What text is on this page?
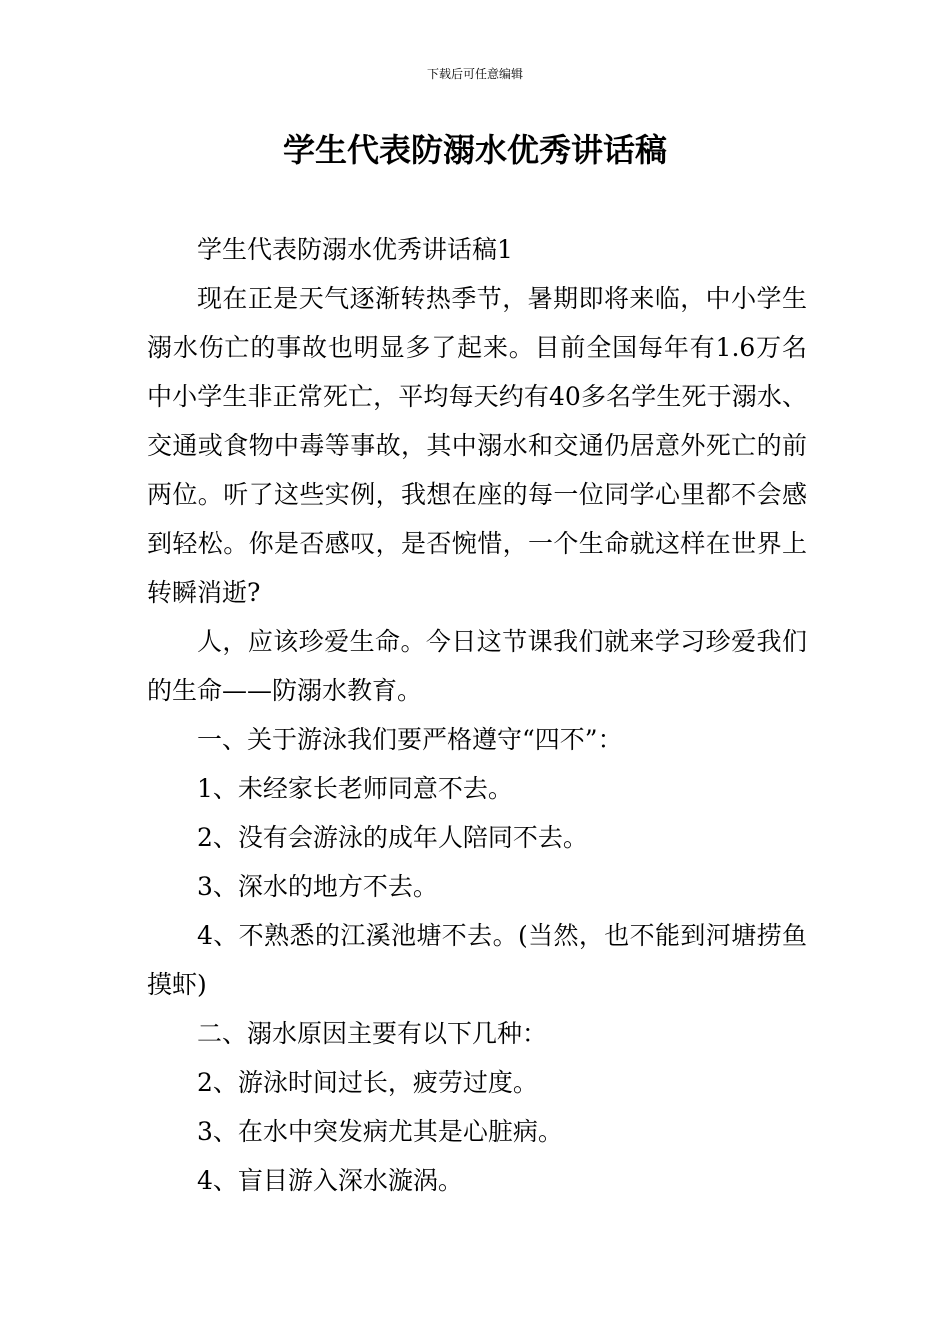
下载后可任意编辑
学生代表防溺水优秀讲话稿

学生代表防溺水优秀讲话稿1

现在正是天气逐渐转热季节，暑期即将来临，中小学生溺水伤亡的事故也明显多了起来。目前全国每年有1.6万名中小学生非正常死亡，平均每天约有40多名学生死于溺水、交通或食物中毒等事故，其中溺水和交通仍居意外死亡的前两位。听了这些实例，我想在座的每一位同学心里都不会感到轻松。你是否感叹，是否惋惜，一个生命就这样在世界上转瞬消逝?

人，应该珍爱生命。今日这节课我们就来学习珍爱我们的生命——防溺水教育。

一、关于游泳我们要严格遵守“四不”：

1、未经家长老师同意不去。

2、没有会游泳的成年人陪同不去。

3、深水的地方不去。

4、不熟悉的江溪池塘不去。(当然，也不能到河塘捞鱼摸虾)

二、溺水原因主要有以下几种：

2、游泳时间过长，疲劳过度。

3、在水中突发病尤其是心脏病。

4、盲目游入深水漩涡。
